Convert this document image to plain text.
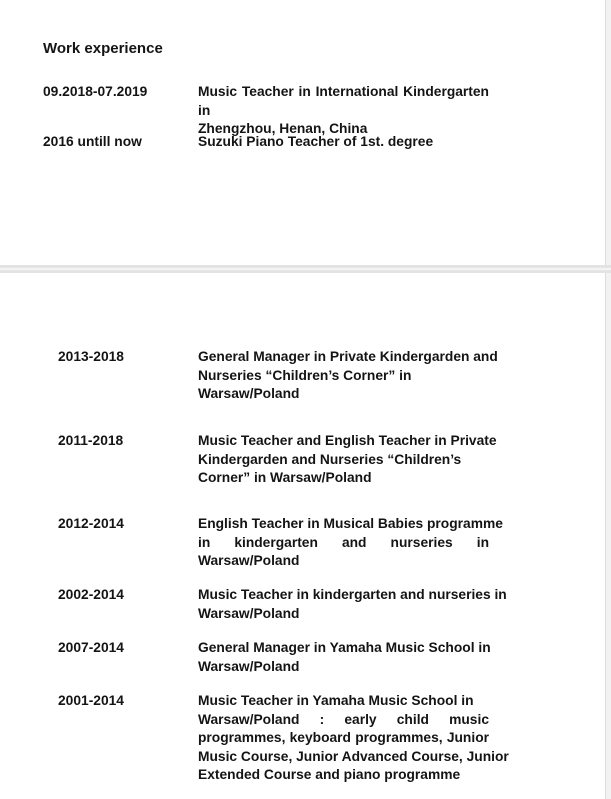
Work experience
09.2018-07.2019	Music Teacher in International Kindergarten in
Zhengzhou, Henan, China
2016 untill now	Suzuki Piano Teacher of 1st. degree
2013-2018	General Manager in Private Kindergarden and
Nurseries “Children’s Corner” in
Warsaw/Poland
2011-2018	Music Teacher and English Teacher in Private
Kindergarden and Nurseries “Children’s
Corner” in Warsaw/Poland
2012-2014	English Teacher in Musical Babies programme
in kindergarten and nurseries in
Warsaw/Poland
2002-2014	Music Teacher in kindergarten and nurseries in
Warsaw/Poland
2007-2014	General Manager in Yamaha Music School in
Warsaw/Poland
2001-2014	Music Teacher in Yamaha Music School in
Warsaw/Poland : early child music
programmes, keyboard programmes, Junior
Music Course, Junior Advanced Course, Junior
Extended Course and piano programme
